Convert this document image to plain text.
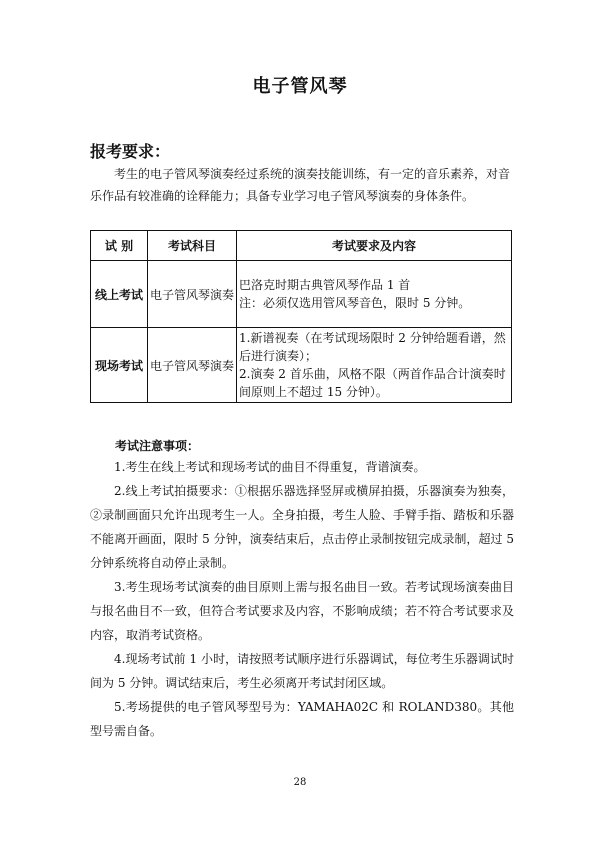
电子管风琴
报考要求：

考生的电子管风琴演奏经过系统的演奏技能训练，有一定的音乐素养，对音乐作品有较准确的诠释能力；具备专业学习电子管风琴演奏的身体条件。

试 别	考试科目	考试要求及内容
线上考试	电子管风琴演奏	巴洛克时期古典管风琴作品 1 首
注：必须仅选用管风琴音色，限时 5 分钟。

现场考试	电子管风琴演奏	1.新谱视奏（在考试现场限时 2 分钟给题看谱，然后进行演奏）；
2.演奏 2 首乐曲，风格不限（两首作品合计演奏时间原则上不超过 15 分钟）。
考试注意事项：
1.考生在线上考试和现场考试的曲目不得重复，背谱演奏。
2.线上考试拍摄要求：①根据乐器选择竖屏或横屏拍摄，乐器演奏为独奏，②录制画面只允许出现考生一人。全身拍摄，考生人脸、手臂手指、踏板和乐器不能离开画面，限时 5 分钟，演奏结束后，点击停止录制按钮完成录制，超过 5 分钟系统将自动停止录制。
3.考生现场考试演奏的曲目原则上需与报名曲目一致。若考试现场演奏曲目与报名曲目不一致，但符合考试要求及内容，不影响成绩；若不符合考试要求及内容，取消考试资格。
4.现场考试前 1 小时，请按照考试顺序进行乐器调试，每位考生乐器调试时间为 5 分钟。调试结束后，考生必须离开考试封闭区域。
5.考场提供的电子管风琴型号为：YAMAHA02C 和 ROLAND380。其他型号需自备。
28
